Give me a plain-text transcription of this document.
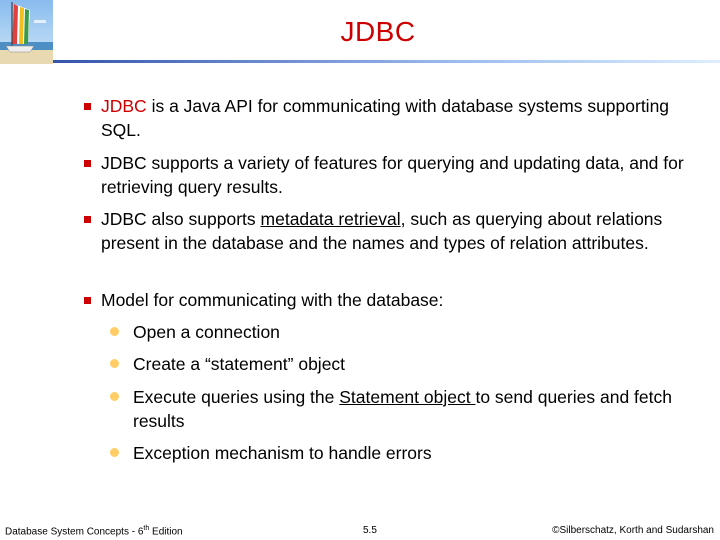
JDBC
JDBC is a Java API for communicating with database systems supporting SQL.
JDBC supports a variety of features for querying and updating data, and for retrieving query results.
JDBC also supports metadata retrieval, such as querying about relations present in the database and the names and types of relation attributes.
Model for communicating with the database:
Open a connection
Create a “statement” object
Execute queries using the Statement object to send queries and fetch results
Exception mechanism to handle errors
Database System Concepts - 6th Edition	5.5	©Silberschatz, Korth and Sudarshan
